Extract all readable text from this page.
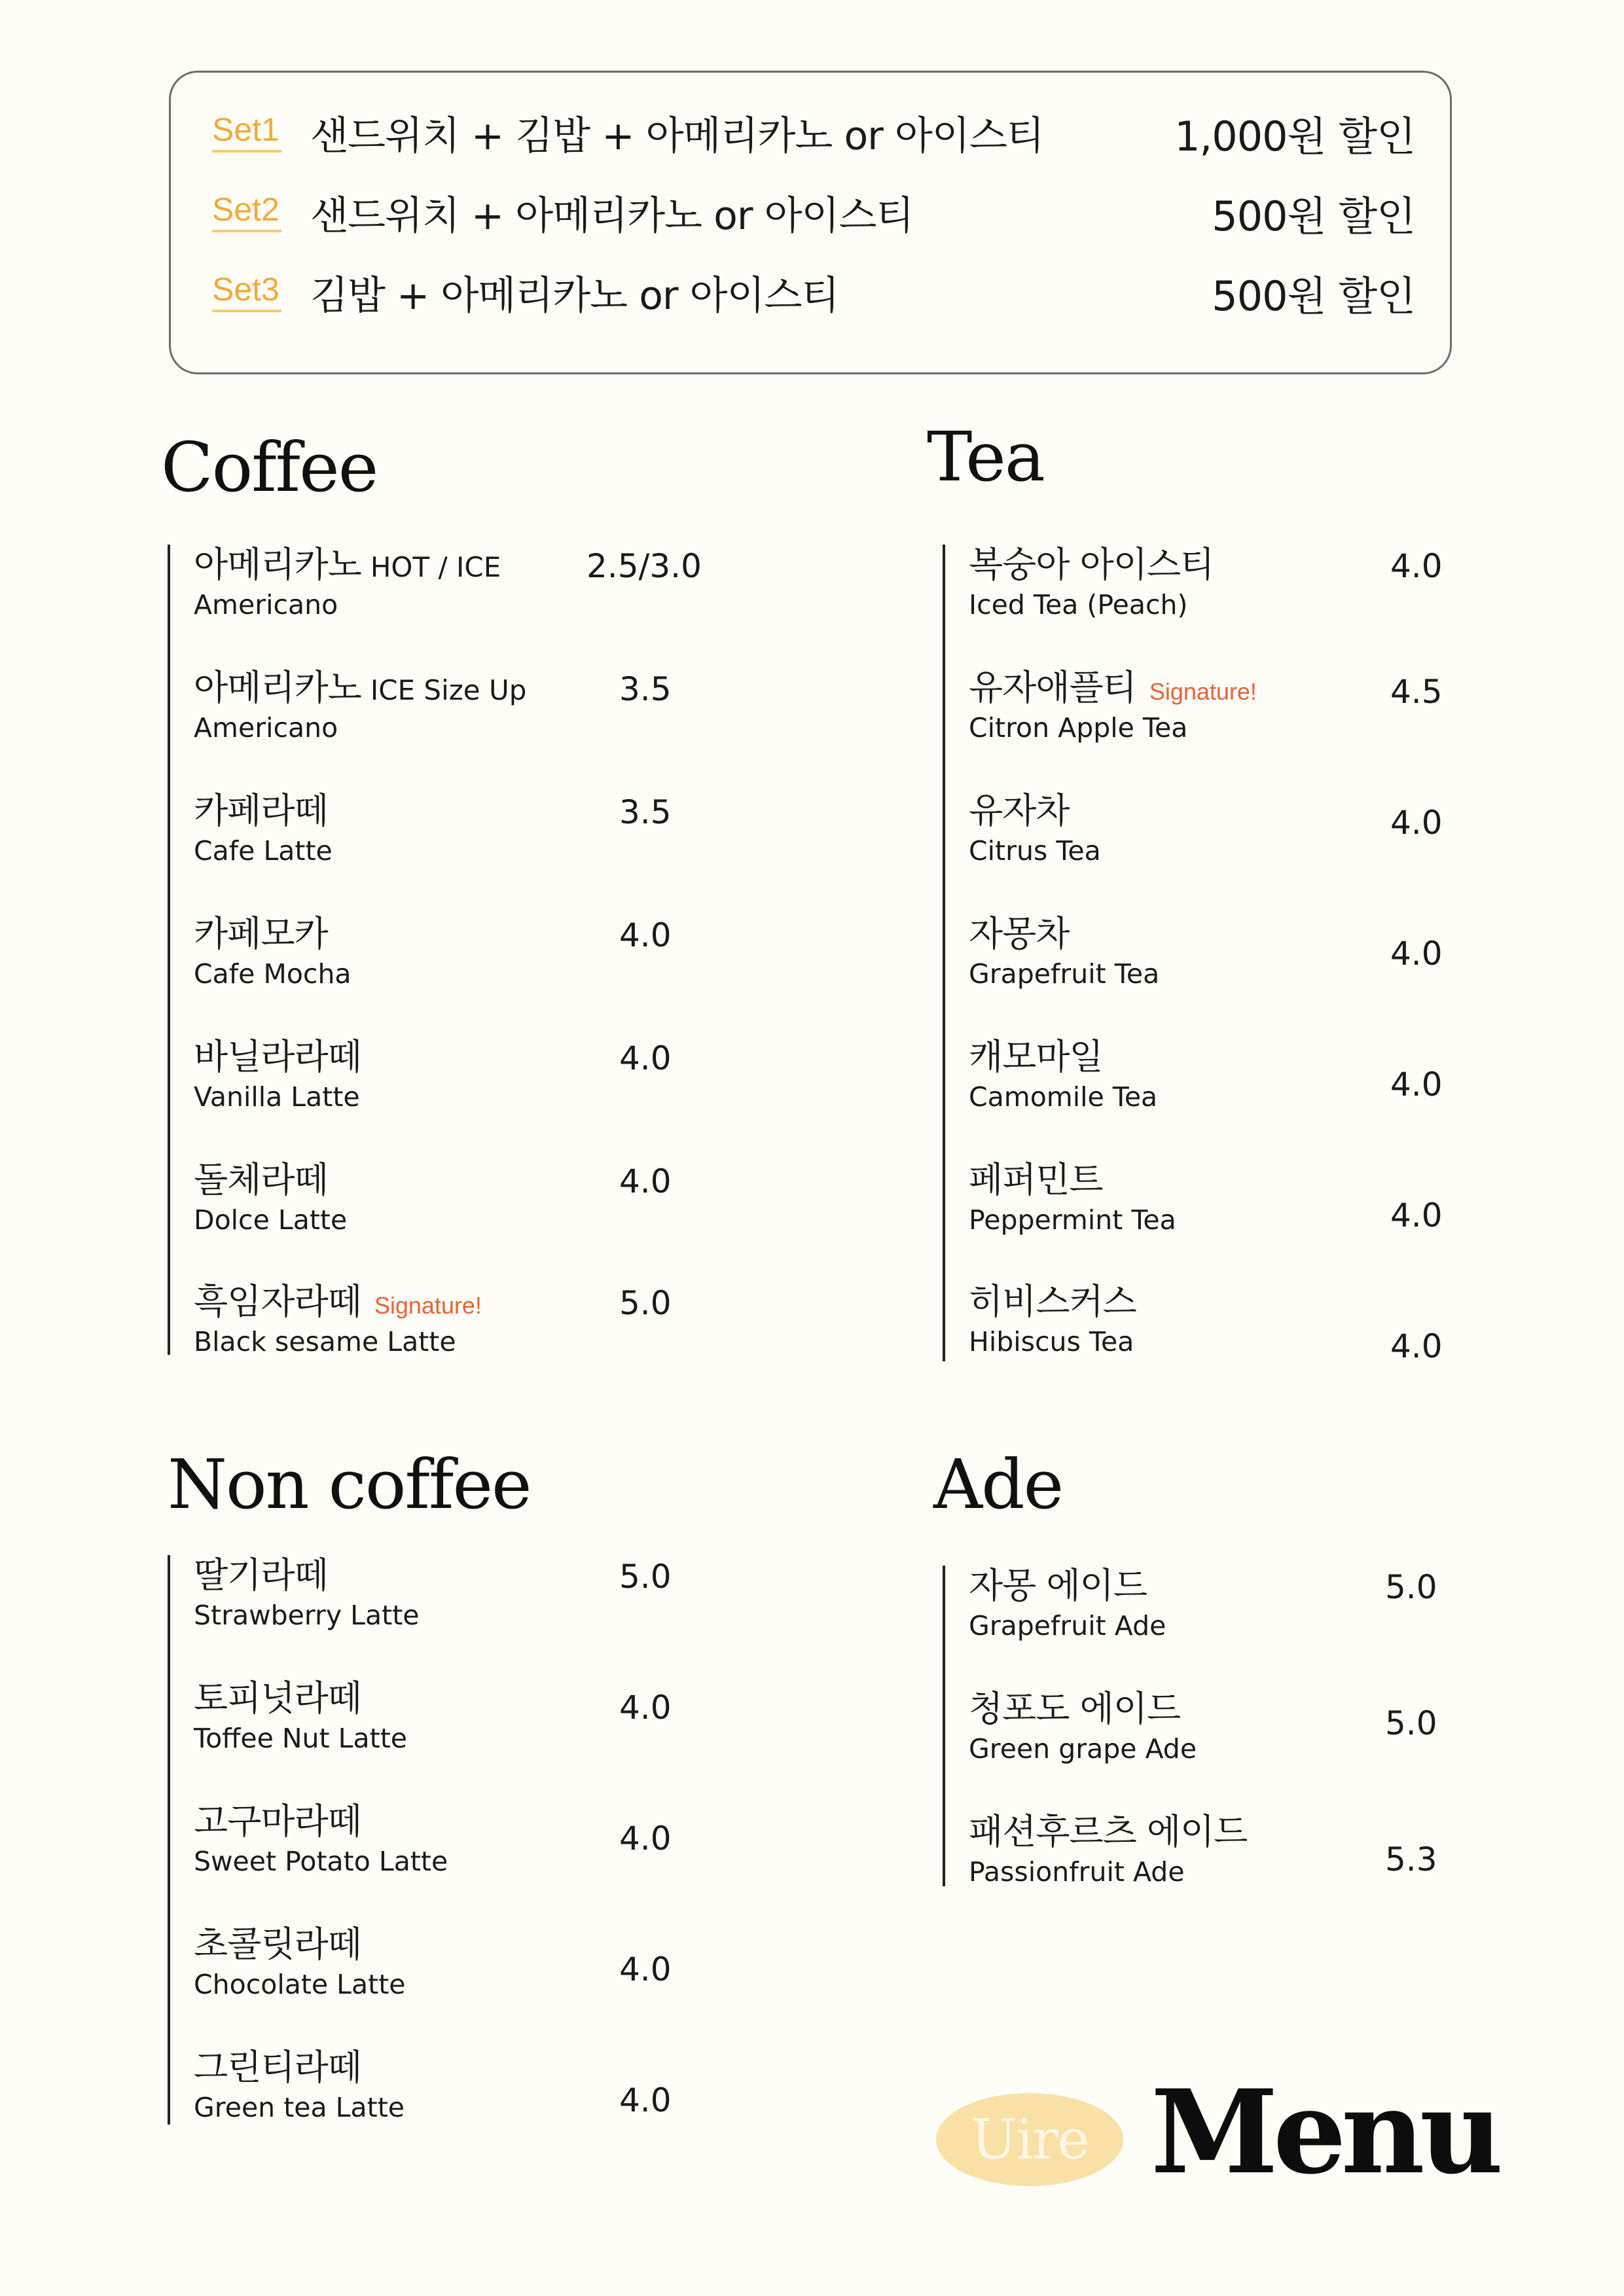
Set1 샌드위치 + 김밥 + 아메리카노 or 아이스티	1,000원 할인
Set2 샌드위치 + 아메리카노 or 아이스티	500원 할인
Set3 김밥 + 아메리카노 or 아이스티	500원 할인
Coffee
아메리카노 HOT / ICE
Americano
2.5/3.0
아메리카노 ICE Size Up
Americano
3.5
카페라떼
Cafe Latte
3.5
카페모카
Cafe Mocha
4.0
바닐라라떼
Vanilla Latte
4.0
돌체라떼
Dolce Latte
4.0
흑임자라떼 Signature!
Black sesame Latte
5.0
Tea
복숭아 아이스티
Iced Tea (Peach)
4.0
유자애플티 Signature!
Citron Apple Tea
4.5
유자차
Citrus Tea
4.0
자몽차
Grapefruit Tea
4.0
캐모마일
Camomile Tea	4.0
페퍼민트
Peppermint Tea	4.0
히비스커스
Hibiscus Tea	4.0
Non coffee
딸기라떼
Strawberry Latte
5.0
토피넛라떼
Toffee Nut Latte
4.0
고구마라떼
Sweet Potato Latte
4.0
초콜릿라떼
Chocolate Latte	4.0
그린티라떼
Green tea Latte	4.0
Ade
자몽 에이드
Grapefruit Ade
5.0
청포도 에이드
Green grape Ade
5.0
패션후르츠 에이드
Passionfruit Ade	5.3
Uire Menu
